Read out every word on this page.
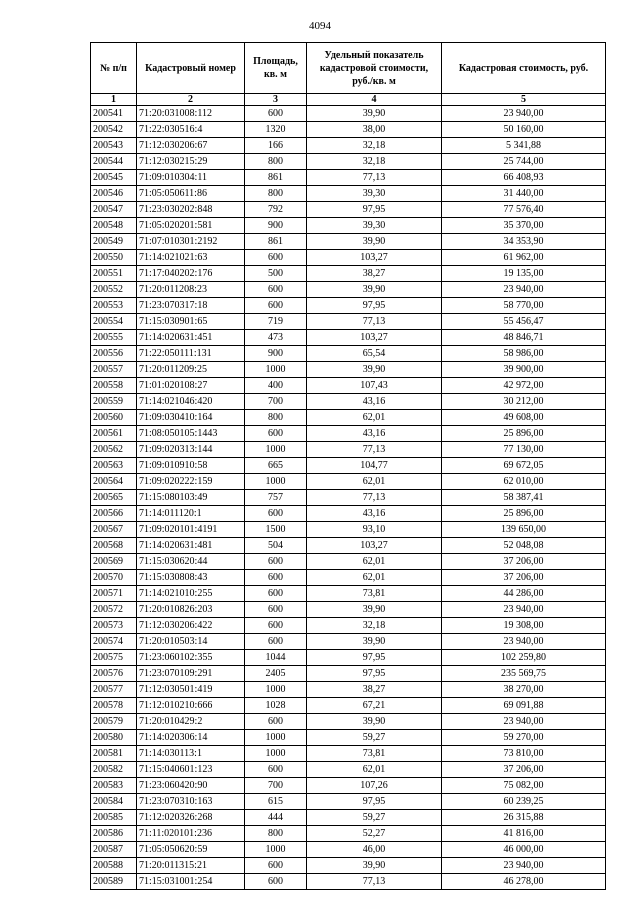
4094
№ п/п	Кадастровый номер	Площадь, кв. м	Удельный показатель кадастровой стоимости, руб./кв. м	Кадастровая стоимость, руб.
1	2	3	4	5
200541	71:20:031008:112	600	39,90	23 940,00
200542	71:22:030516:4	1320	38,00	50 160,00
200543	71:12:030206:67	166	32,18	5 341,88
200544	71:12:030215:29	800	32,18	25 744,00
200545	71:09:010304:11	861	77,13	66 408,93
200546	71:05:050611:86	800	39,30	31 440,00
200547	71:23:030202:848	792	97,95	77 576,40
200548	71:05:020201:581	900	39,30	35 370,00
200549	71:07:010301:2192	861	39,90	34 353,90
200550	71:14:021021:63	600	103,27	61 962,00
200551	71:17:040202:176	500	38,27	19 135,00
200552	71:20:011208:23	600	39,90	23 940,00
200553	71:23:070317:18	600	97,95	58 770,00
200554	71:15:030901:65	719	77,13	55 456,47
200555	71:14:020631:451	473	103,27	48 846,71
200556	71:22:050111:131	900	65,54	58 986,00
200557	71:20:011209:25	1000	39,90	39 900,00
200558	71:01:020108:27	400	107,43	42 972,00
200559	71:14:021046:420	700	43,16	30 212,00
200560	71:09:030410:164	800	62,01	49 608,00
200561	71:08:050105:1443	600	43,16	25 896,00
200562	71:09:020313:144	1000	77,13	77 130,00
200563	71:09:010910:58	665	104,77	69 672,05
200564	71:09:020222:159	1000	62,01	62 010,00
200565	71:15:080103:49	757	77,13	58 387,41
200566	71:14:011120:1	600	43,16	25 896,00
200567	71:09:020101:4191	1500	93,10	139 650,00
200568	71:14:020631:481	504	103,27	52 048,08
200569	71:15:030620:44	600	62,01	37 206,00
200570	71:15:030808:43	600	62,01	37 206,00
200571	71:14:021010:255	600	73,81	44 286,00
200572	71:20:010826:203	600	39,90	23 940,00
200573	71:12:030206:422	600	32,18	19 308,00
200574	71:20:010503:14	600	39,90	23 940,00
200575	71:23:060102:355	1044	97,95	102 259,80
200576	71:23:070109:291	2405	97,95	235 569,75
200577	71:12:030501:419	1000	38,27	38 270,00
200578	71:12:010210:666	1028	67,21	69 091,88
200579	71:20:010429:2	600	39,90	23 940,00
200580	71:14:020306:14	1000	59,27	59 270,00
200581	71:14:030113:1	1000	73,81	73 810,00
200582	71:15:040601:123	600	62,01	37 206,00
200583	71:23:060420:90	700	107,26	75 082,00
200584	71:23:070310:163	615	97,95	60 239,25
200585	71:12:020326:268	444	59,27	26 315,88
200586	71:11:020101:236	800	52,27	41 816,00
200587	71:05:050620:59	1000	46,00	46 000,00
200588	71:20:011315:21	600	39,90	23 940,00
200589	71:15:031001:254	600	77,13	46 278,00
